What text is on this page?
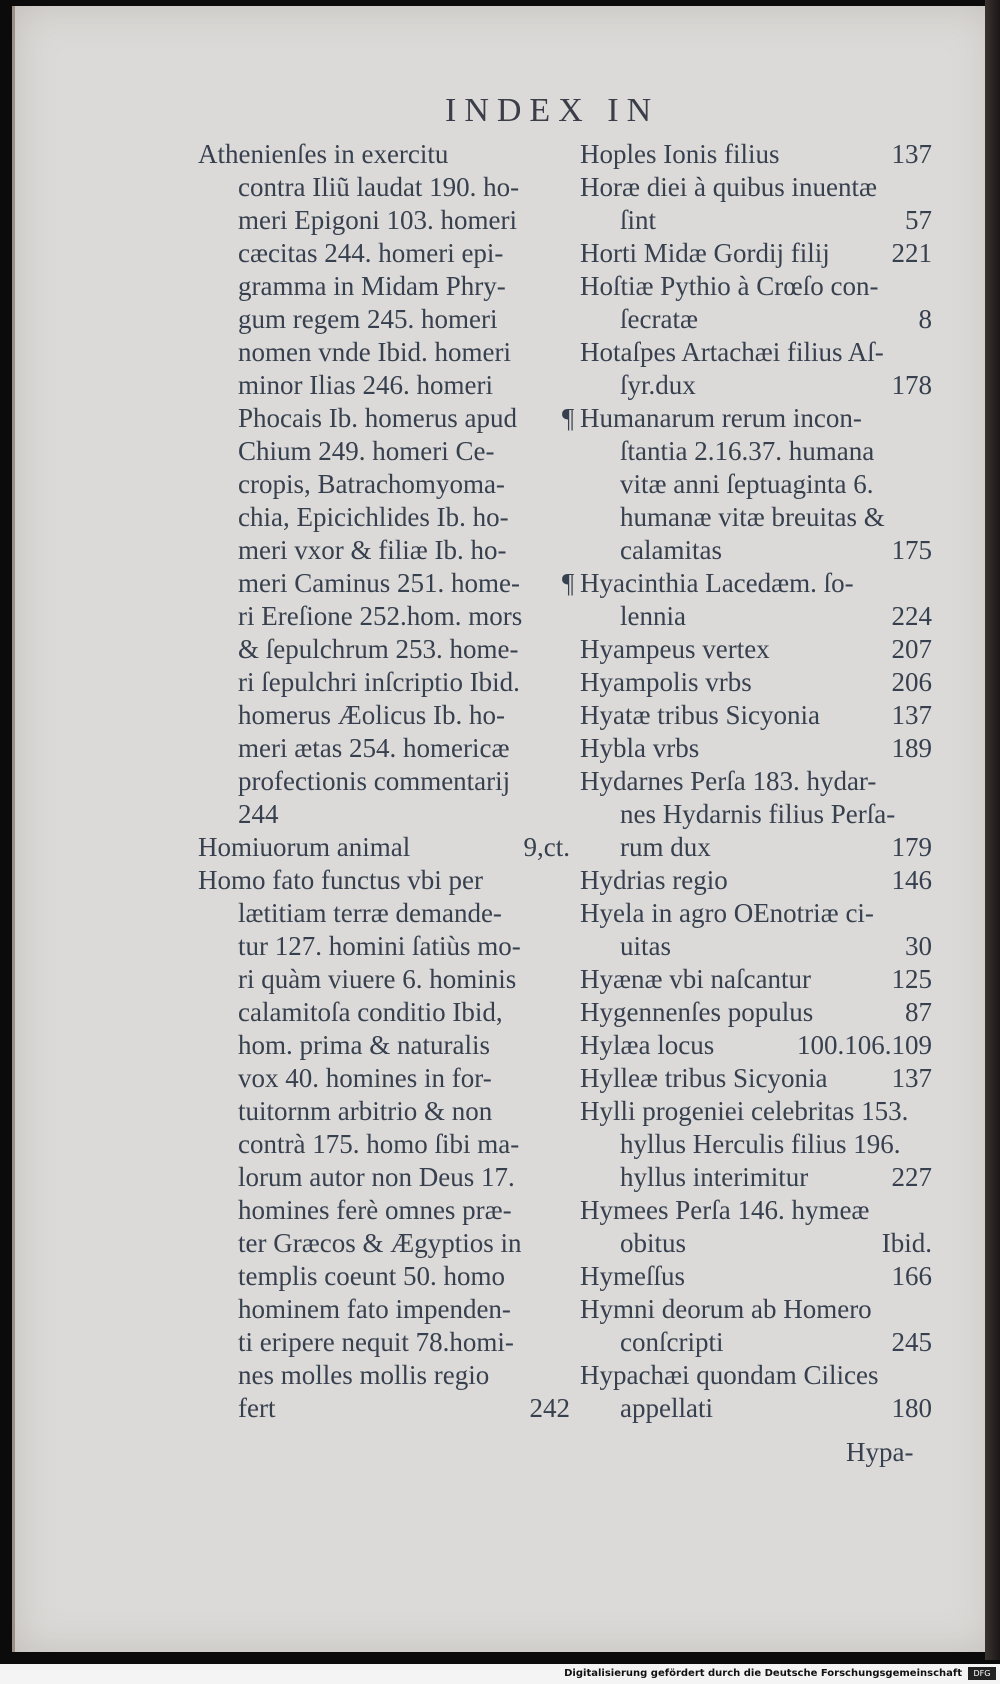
INDEX IN
Athenienſes in exercitu
contra Iliũ laudat 190. ho-
meri Epigoni 103. homeri
cæcitas 244. homeri epi-
gramma in Midam Phry-
gum regem 245. homeri
nomen vnde Ibid. homeri
minor Ilias 246. homeri
Phocais Ib. homerus apud
Chium 249. homeri Ce-
cropis, Batrachomyoma-
chia, Epicichlides Ib. ho-
meri vxor & filiæ Ib. ho-
meri Caminus 251. home-
ri Ereſione 252.hom. mors
& ſepulchrum 253. home-
ri ſepulchri inſcriptio Ibid.
homerus Æolicus Ib. ho-
meri ætas 254. homericæ
profectionis commentarij
244
Homiuorum animal	9,ct.
Homo fato functus vbi per
lætitiam terræ demande-
tur 127. homini ſatiùs mo-
ri quàm viuere 6. hominis
calamitoſa conditio Ibid,
hom. prima & naturalis
vox 40. homines in for-
tuitornm arbitrio & non
contrà 175. homo ſibi ma-
lorum autor non Deus 17.
homines ferè omnes præ-
ter Græcos & Ægyptios in
templis coeunt 50. homo
hominem fato impenden-
ti eripere nequit 78.homi-
nes molles mollis regio
fert	242
Hoples Ionis filius	137
Horæ diei à quibus inuentæ
ſint	57
Horti Midæ Gordij filij	221
Hoſtiæ Pythio à Crœſo con-
ſecratæ	8
Hotaſpes Artachæi filius Aſ-
ſyr.dux	178
¶ Humanarum rerum incon-
ſtantia 2.16.37. humana
vitæ anni ſeptuaginta 6.
humanæ vitæ breuitas &
calamitas	175
¶ Hyacinthia Lacedæm. ſo-
lennia	224
Hyampeus vertex	207
Hyampolis vrbs	206
Hyatæ tribus Sicyonia	137
Hybla vrbs	189
Hydarnes Perſa 183. hydar-
nes Hydarnis filius Perſa-
rum dux	179
Hydrias regio	146
Hyela in agro OEnotriæ ci-
uitas	30
Hyænæ vbi naſcantur	125
Hygennenſes populus	87
Hylæa locus	100.106.109
Hylleæ tribus Sicyonia	137
Hylli progeniei celebritas 153.
hyllus Herculis filius 196.
hyllus interimitur	227
Hymees Perſa 146. hymeæ
obitus	Ibid.
Hymeſſus	166
Hymni deorum ab Homero
conſcripti	245
Hypachæi quondam Cilices
appellati	180
Hypa-
Digitalisierung gefördert durch die Deutsche Forschungsgemeinschaft	DFG
